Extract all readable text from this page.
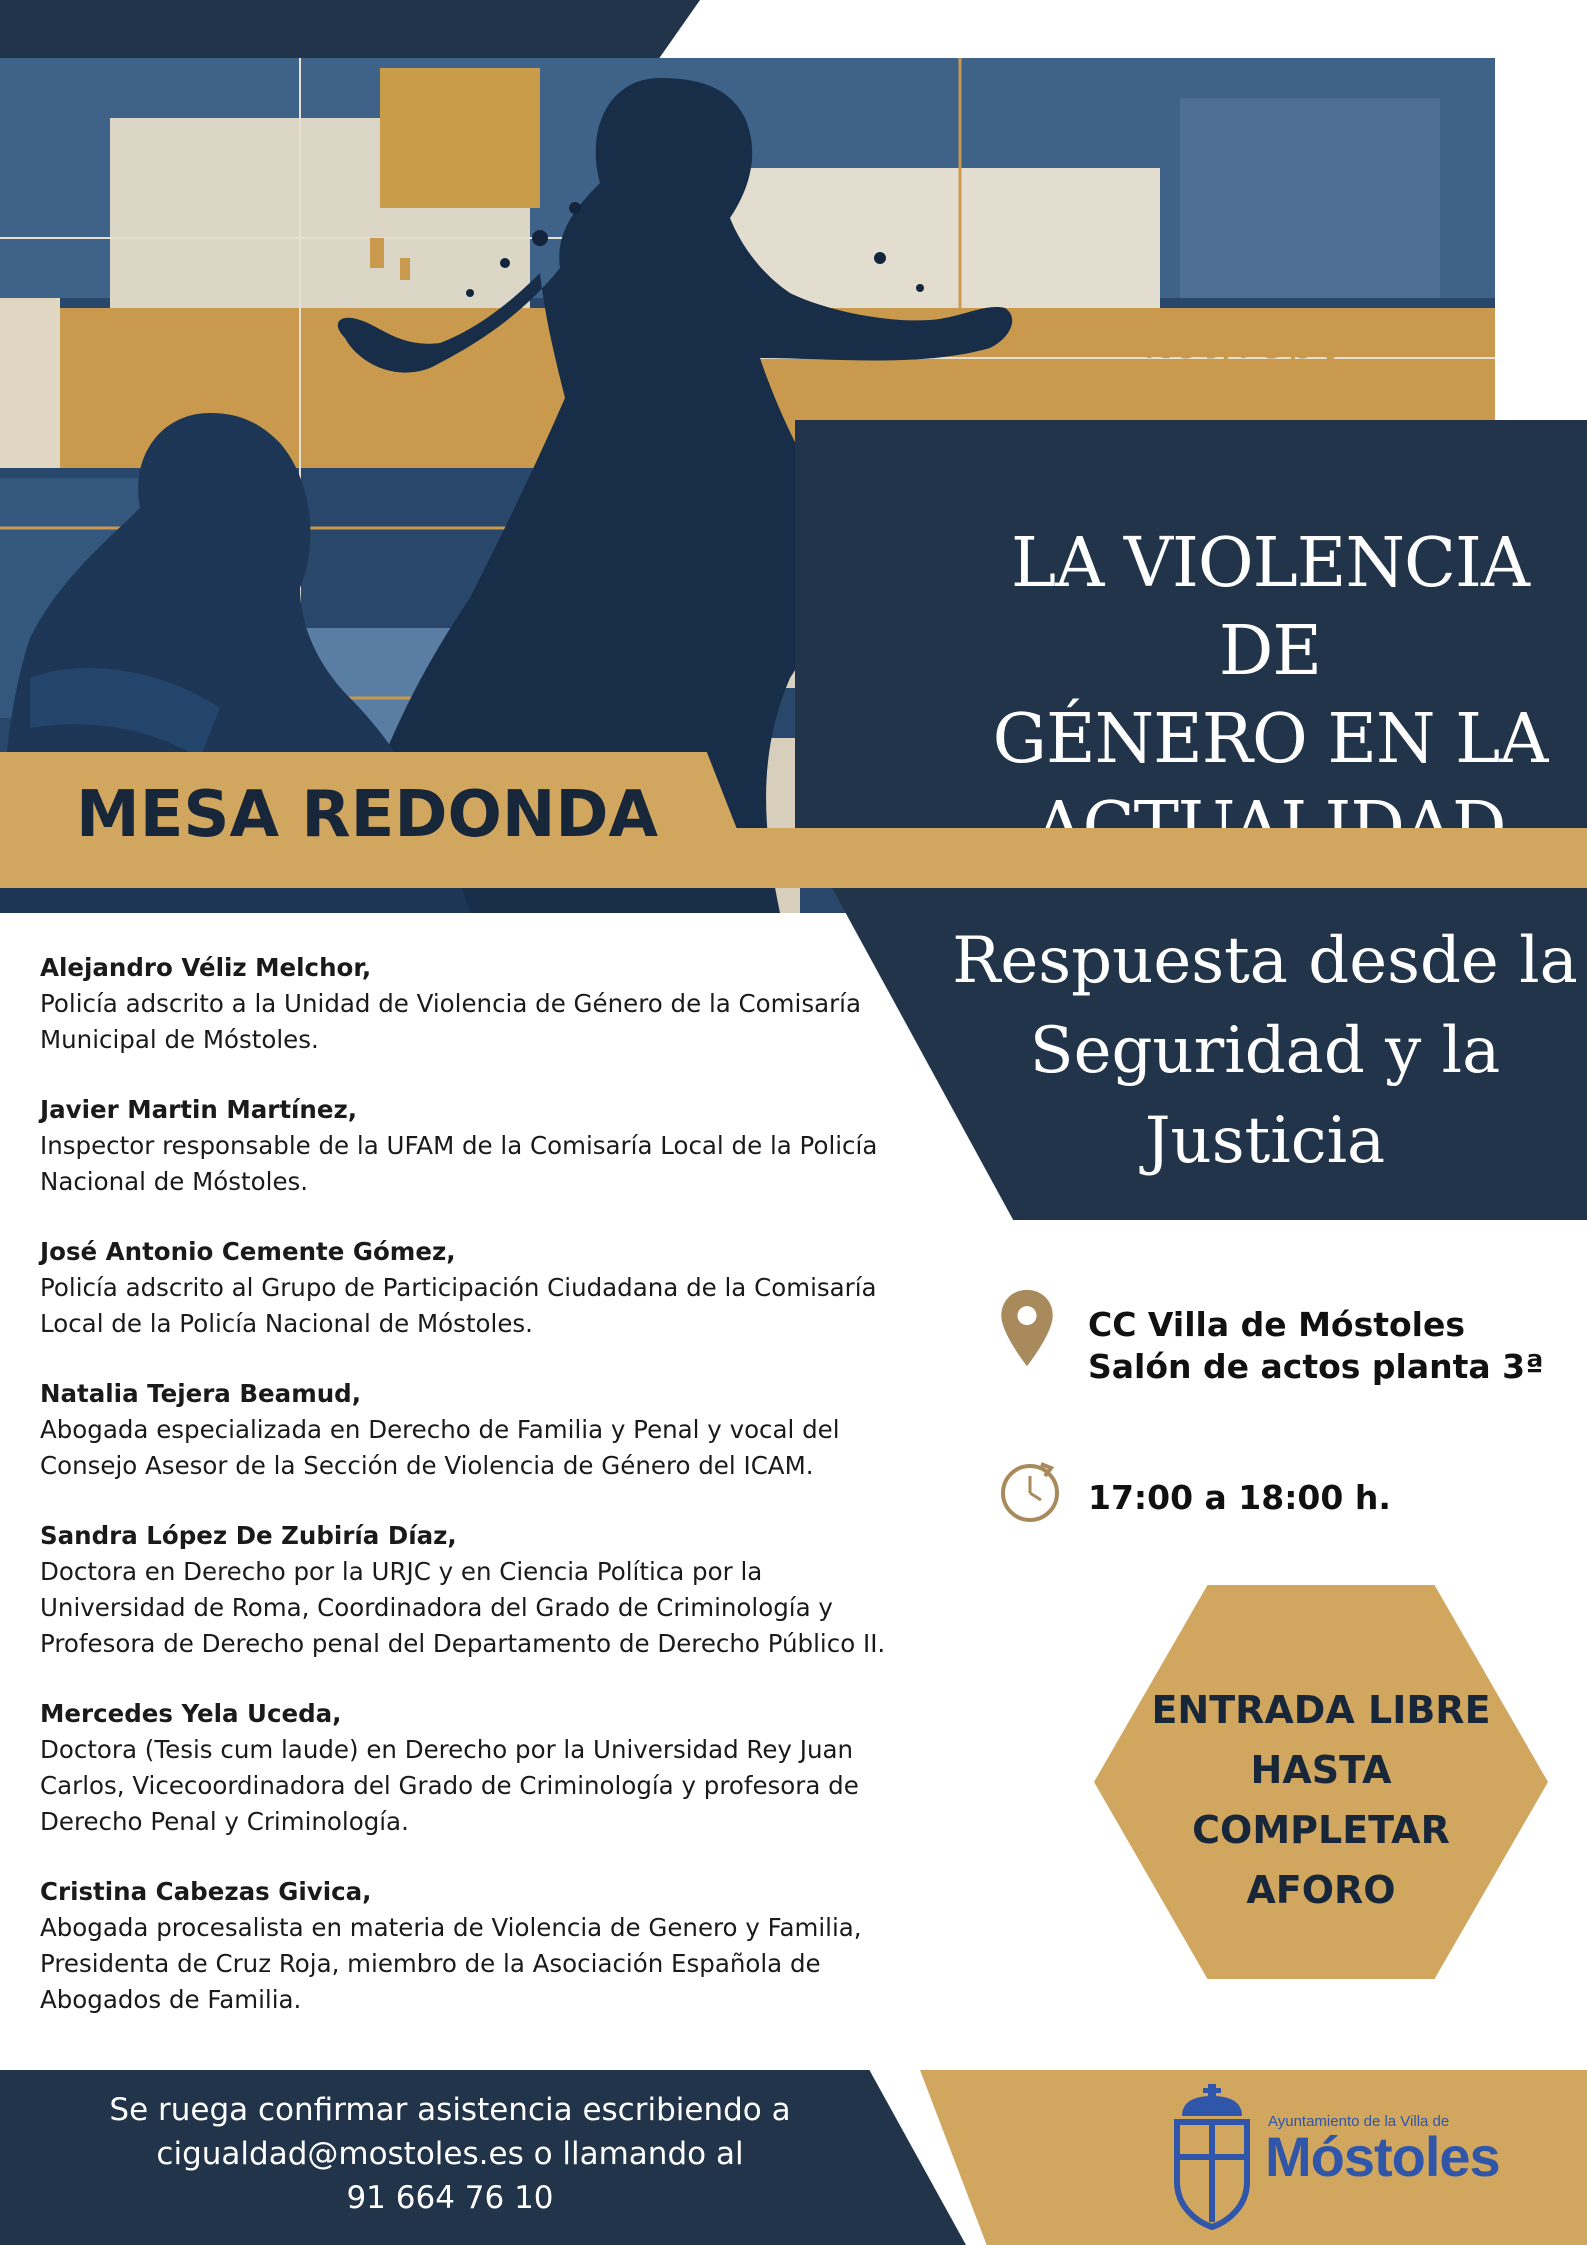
hotfrepy
LA VIOLENCIA DE
GÉNERO EN LA
MESA REDONDA
Respuesta desde la
Seguridad y la
Justicia
Alejandro Véliz Melchor,
Policía adscrito a la Unidad de Violencia de Género de la Comisaría
Municipal de Móstoles.
Javier Martin Martínez,
Inspector responsable de la UFAM de la Comisaría Local de la Policía
Nacional de Móstoles.
José Antonio Cemente Gómez,
Policía adscrito al Grupo de Participación Ciudadana de la Comisaría
Local de la Policía Nacional de Móstoles.
Natalia Tejera Beamud,
Abogada especializada en Derecho de Familia y Penal y vocal del
Consejo Asesor de la Sección de Violencia de Género del ICAM.
Sandra López De Zubiría Díaz,
Doctora en Derecho por la URJC y en Ciencia Política por la
Universidad de Roma, Coordinadora del Grado de Criminología y
Profesora de Derecho penal del Departamento de Derecho Público II.
Mercedes Yela Uceda,
Doctora (Tesis cum laude) en Derecho por la Universidad Rey Juan
Carlos, Vicecoordinadora del Grado de Criminología y profesora de
Derecho Penal y Criminología.
Cristina Cabezas Givica,
Abogada procesalista en materia de Violencia de Genero y Familia,
Presidenta de Cruz Roja, miembro de la Asociación Española de
Abogados de Familia.
CC Villa de Móstoles
Salón de actos planta 3ª
17:00 a 18:00 h.
ENTRADA LIBRE
HASTA
COMPLETAR
AFORO
Se ruega confirmar asistencia escribiendo a
cigualdad@mostoles.es o llamando al
91 664 76 10
Ayuntamiento de la Villa de
Móstoles
